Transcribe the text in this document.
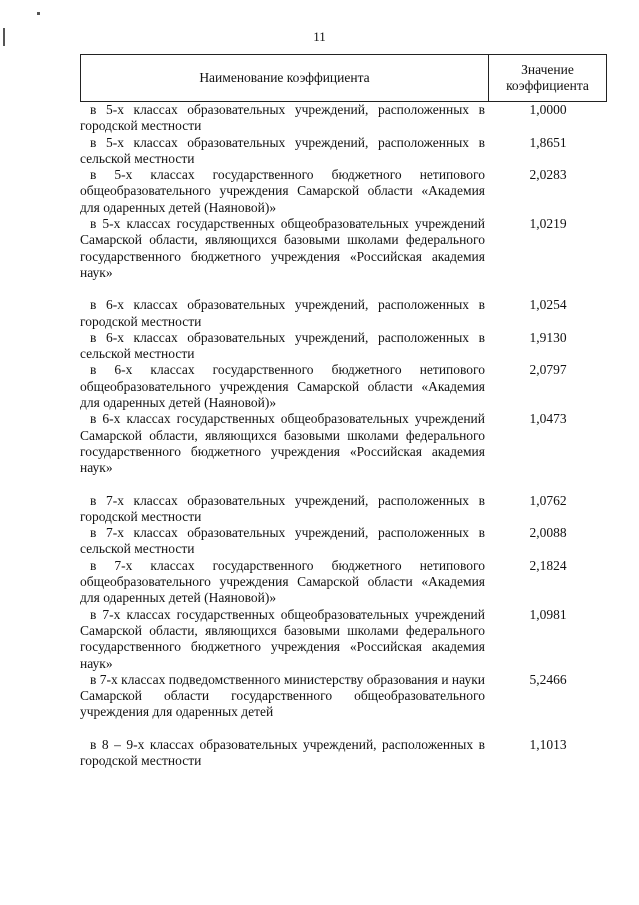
11
Наименование коэффициента
Значение
коэффициента
в 5-х классах образовательных учреждений, расположенных в городской местности
1,0000
в 5-х классах образовательных учреждений, расположенных в сельской местности
1,8651
в 5-х классах государственного бюджетного нетипового общеобразовательного учреждения Самарской области «Академия для одаренных детей (Наяновой)»
2,0283
в 5-х классах государственных общеобразовательных учреждений Самарской области, являющихся базовыми школами федерального государственного бюджетного учреждения «Российская академия наук»
1,0219
в 6-х классах образовательных учреждений, расположенных в городской местности
1,0254
в 6-х классах образовательных учреждений, расположенных в сельской местности
1,9130
в 6-х классах государственного бюджетного нетипового общеобразовательного учреждения Самарской области «Академия для одаренных детей (Наяновой)»
2,0797
в 6-х классах государственных общеобразовательных учреждений Самарской области, являющихся базовыми школами федерального государственного бюджетного учреждения «Российская академия наук»
1,0473
в 7-х классах образовательных учреждений, расположенных в городской местности
1,0762
в 7-х классах образовательных учреждений, расположенных в сельской местности
2,0088
в 7-х классах государственного бюджетного нетипового общеобразовательного учреждения Самарской области «Академия для одаренных детей (Наяновой)»
2,1824
в 7-х классах государственных общеобразовательных учреждений Самарской области, являющихся базовыми школами федерального государственного бюджетного учреждения «Российская академия наук»
1,0981
в 7-х классах подведомственного министерству образования и науки Самарской области государственного общеобразовательного учреждения для одаренных детей
5,2466
в 8 – 9-х классах образовательных учреждений, расположенных в городской местности
1,1013
